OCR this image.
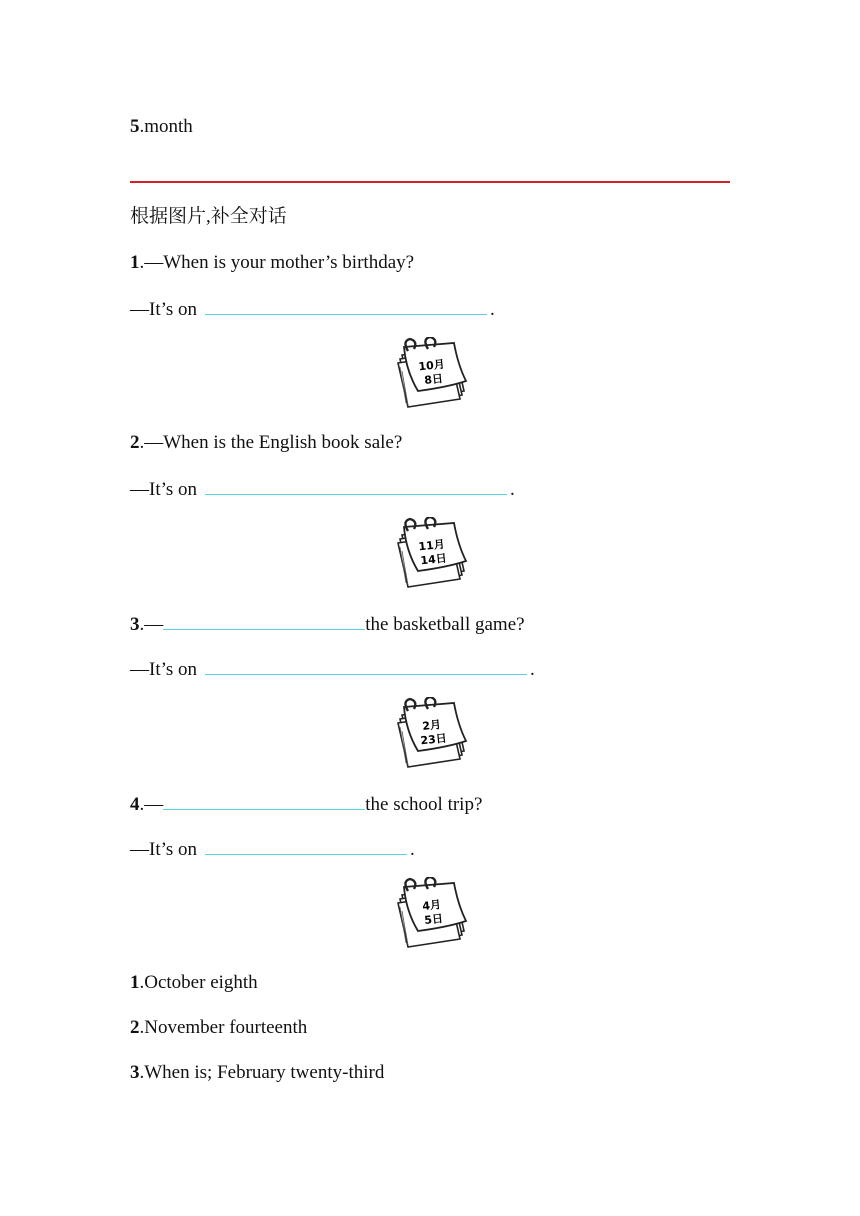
5.month
根据图片,补全对话
1.—When is your mother’s birthday?
—It’s on	.
10月
8日
2.—When is the English book sale?
—It’s on	.
11月
14日
3.—	the basketball game?
—It’s on	.
2月
23日
4.—	the school trip?
—It’s on	.
4月
5日
1.October eighth
2.November fourteenth
3.When is; February twenty-third
